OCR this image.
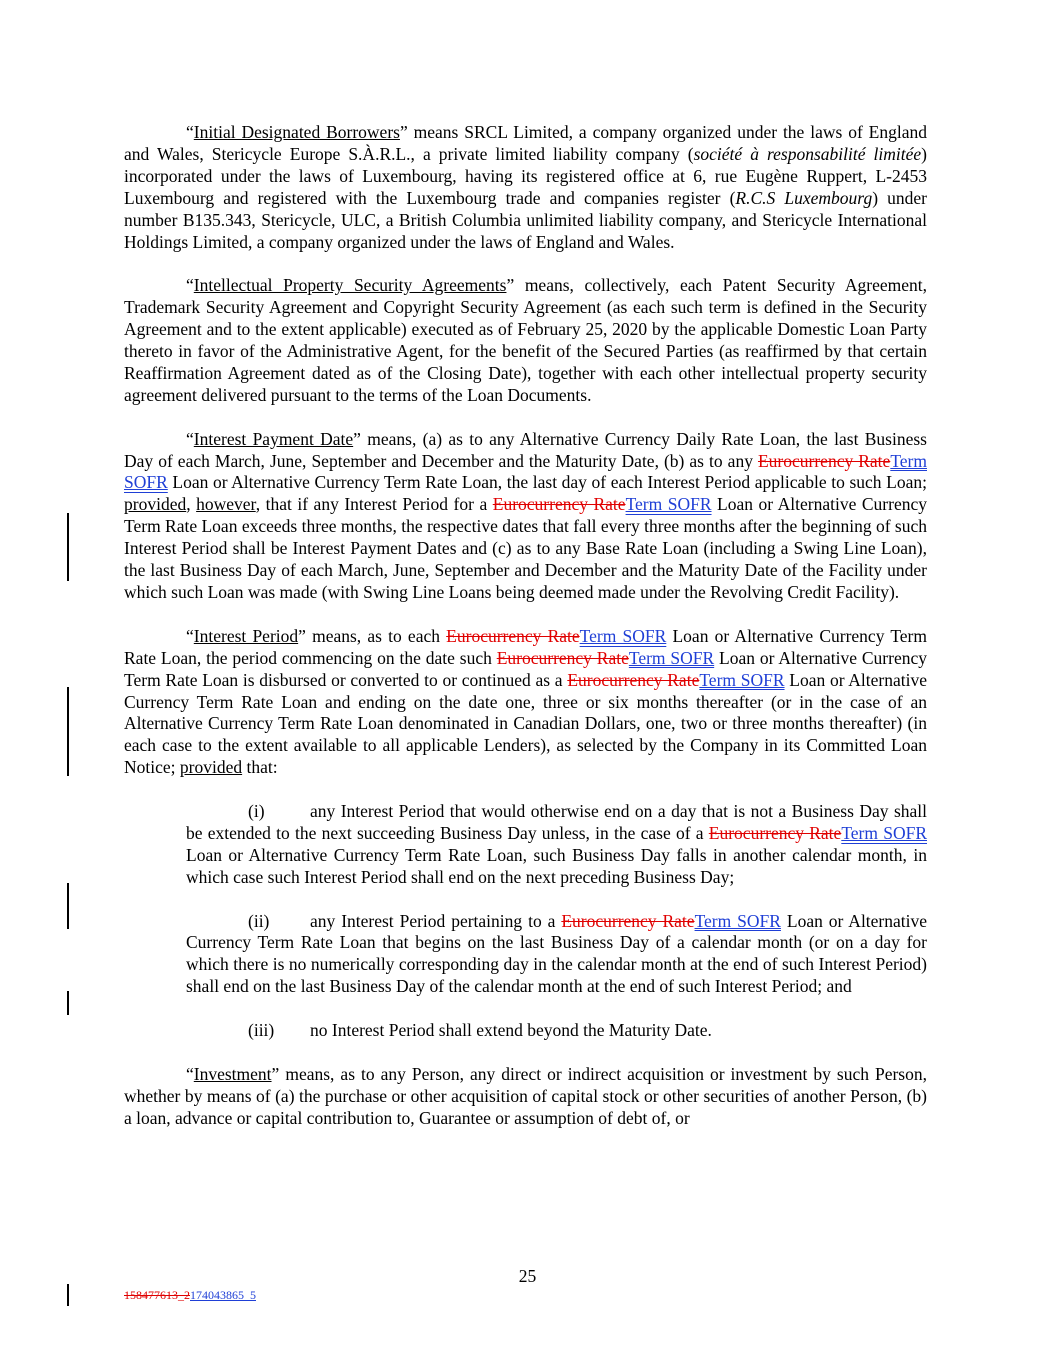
“Initial Designated Borrowers” means SRCL Limited, a company organized under the laws of England and Wales, Stericycle Europe S.À.R.L., a private limited liability company (société à responsabilité limitée) incorporated under the laws of Luxembourg, having its registered office at 6, rue Eugène Ruppert, L-2453 Luxembourg and registered with the Luxembourg trade and companies register (R.C.S Luxembourg) under number B135.343, Stericycle, ULC, a British Columbia unlimited liability company, and Stericycle International Holdings Limited, a company organized under the laws of England and Wales.

“Intellectual Property Security Agreements” means, collectively, each Patent Security Agreement, Trademark Security Agreement and Copyright Security Agreement (as each such term is defined in the Security Agreement and to the extent applicable) executed as of February 25, 2020 by the applicable Domestic Loan Party thereto in favor of the Administrative Agent, for the benefit of the Secured Parties (as reaffirmed by that certain Reaffirmation Agreement dated as of the Closing Date), together with each other intellectual property security agreement delivered pursuant to the terms of the Loan Documents.

“Interest Payment Date” means, (a) as to any Alternative Currency Daily Rate Loan, the last Business Day of each March, June, September and December and the Maturity Date, (b) as to any Eurocurrency RateTerm SOFR Loan or Alternative Currency Term Rate Loan, the last day of each Interest Period applicable to such Loan; provided, however, that if any Interest Period for a Eurocurrency RateTerm SOFR Loan or Alternative Currency Term Rate Loan exceeds three months, the respective dates that fall every three months after the beginning of such Interest Period shall be Interest Payment Dates and (c) as to any Base Rate Loan (including a Swing Line Loan), the last Business Day of each March, June, September and December and the Maturity Date of the Facility under which such Loan was made (with Swing Line Loans being deemed made under the Revolving Credit Facility).

“Interest Period” means, as to each Eurocurrency RateTerm SOFR Loan or Alternative Currency Term Rate Loan, the period commencing on the date such Eurocurrency RateTerm SOFR Loan or Alternative Currency Term Rate Loan is disbursed or converted to or continued as a Eurocurrency RateTerm SOFR Loan or Alternative Currency Term Rate Loan and ending on the date one, three or six months thereafter (or in the case of an Alternative Currency Term Rate Loan denominated in Canadian Dollars, one, two or three months thereafter) (in each case to the extent available to all applicable Lenders), as selected by the Company in its Committed Loan Notice; provided that:

(i)	any Interest Period that would otherwise end on a day that is not a Business Day shall be extended to the next succeeding Business Day unless, in the case of a Eurocurrency RateTerm SOFR Loan or Alternative Currency Term Rate Loan, such Business Day falls in another calendar month, in which case such Interest Period shall end on the next preceding Business Day;

(ii) any Interest Period pertaining to a Eurocurrency RateTerm SOFR Loan or Alternative Currency Term Rate Loan that begins on the last Business Day of a calendar month (or on a day for which there is no numerically corresponding day in the calendar month at the end of such Interest Period) shall end on the last Business Day of the calendar month at the end of such Interest Period; and

(iii) no Interest Period shall extend beyond the Maturity Date.

“Investment” means, as to any Person, any direct or indirect acquisition or investment by such Person, whether by means of (a) the purchase or other acquisition of capital stock or other securities of another Person, (b) a loan, advance or capital contribution to, Guarantee or assumption of debt of, or

25
158477613_2174043865_5
